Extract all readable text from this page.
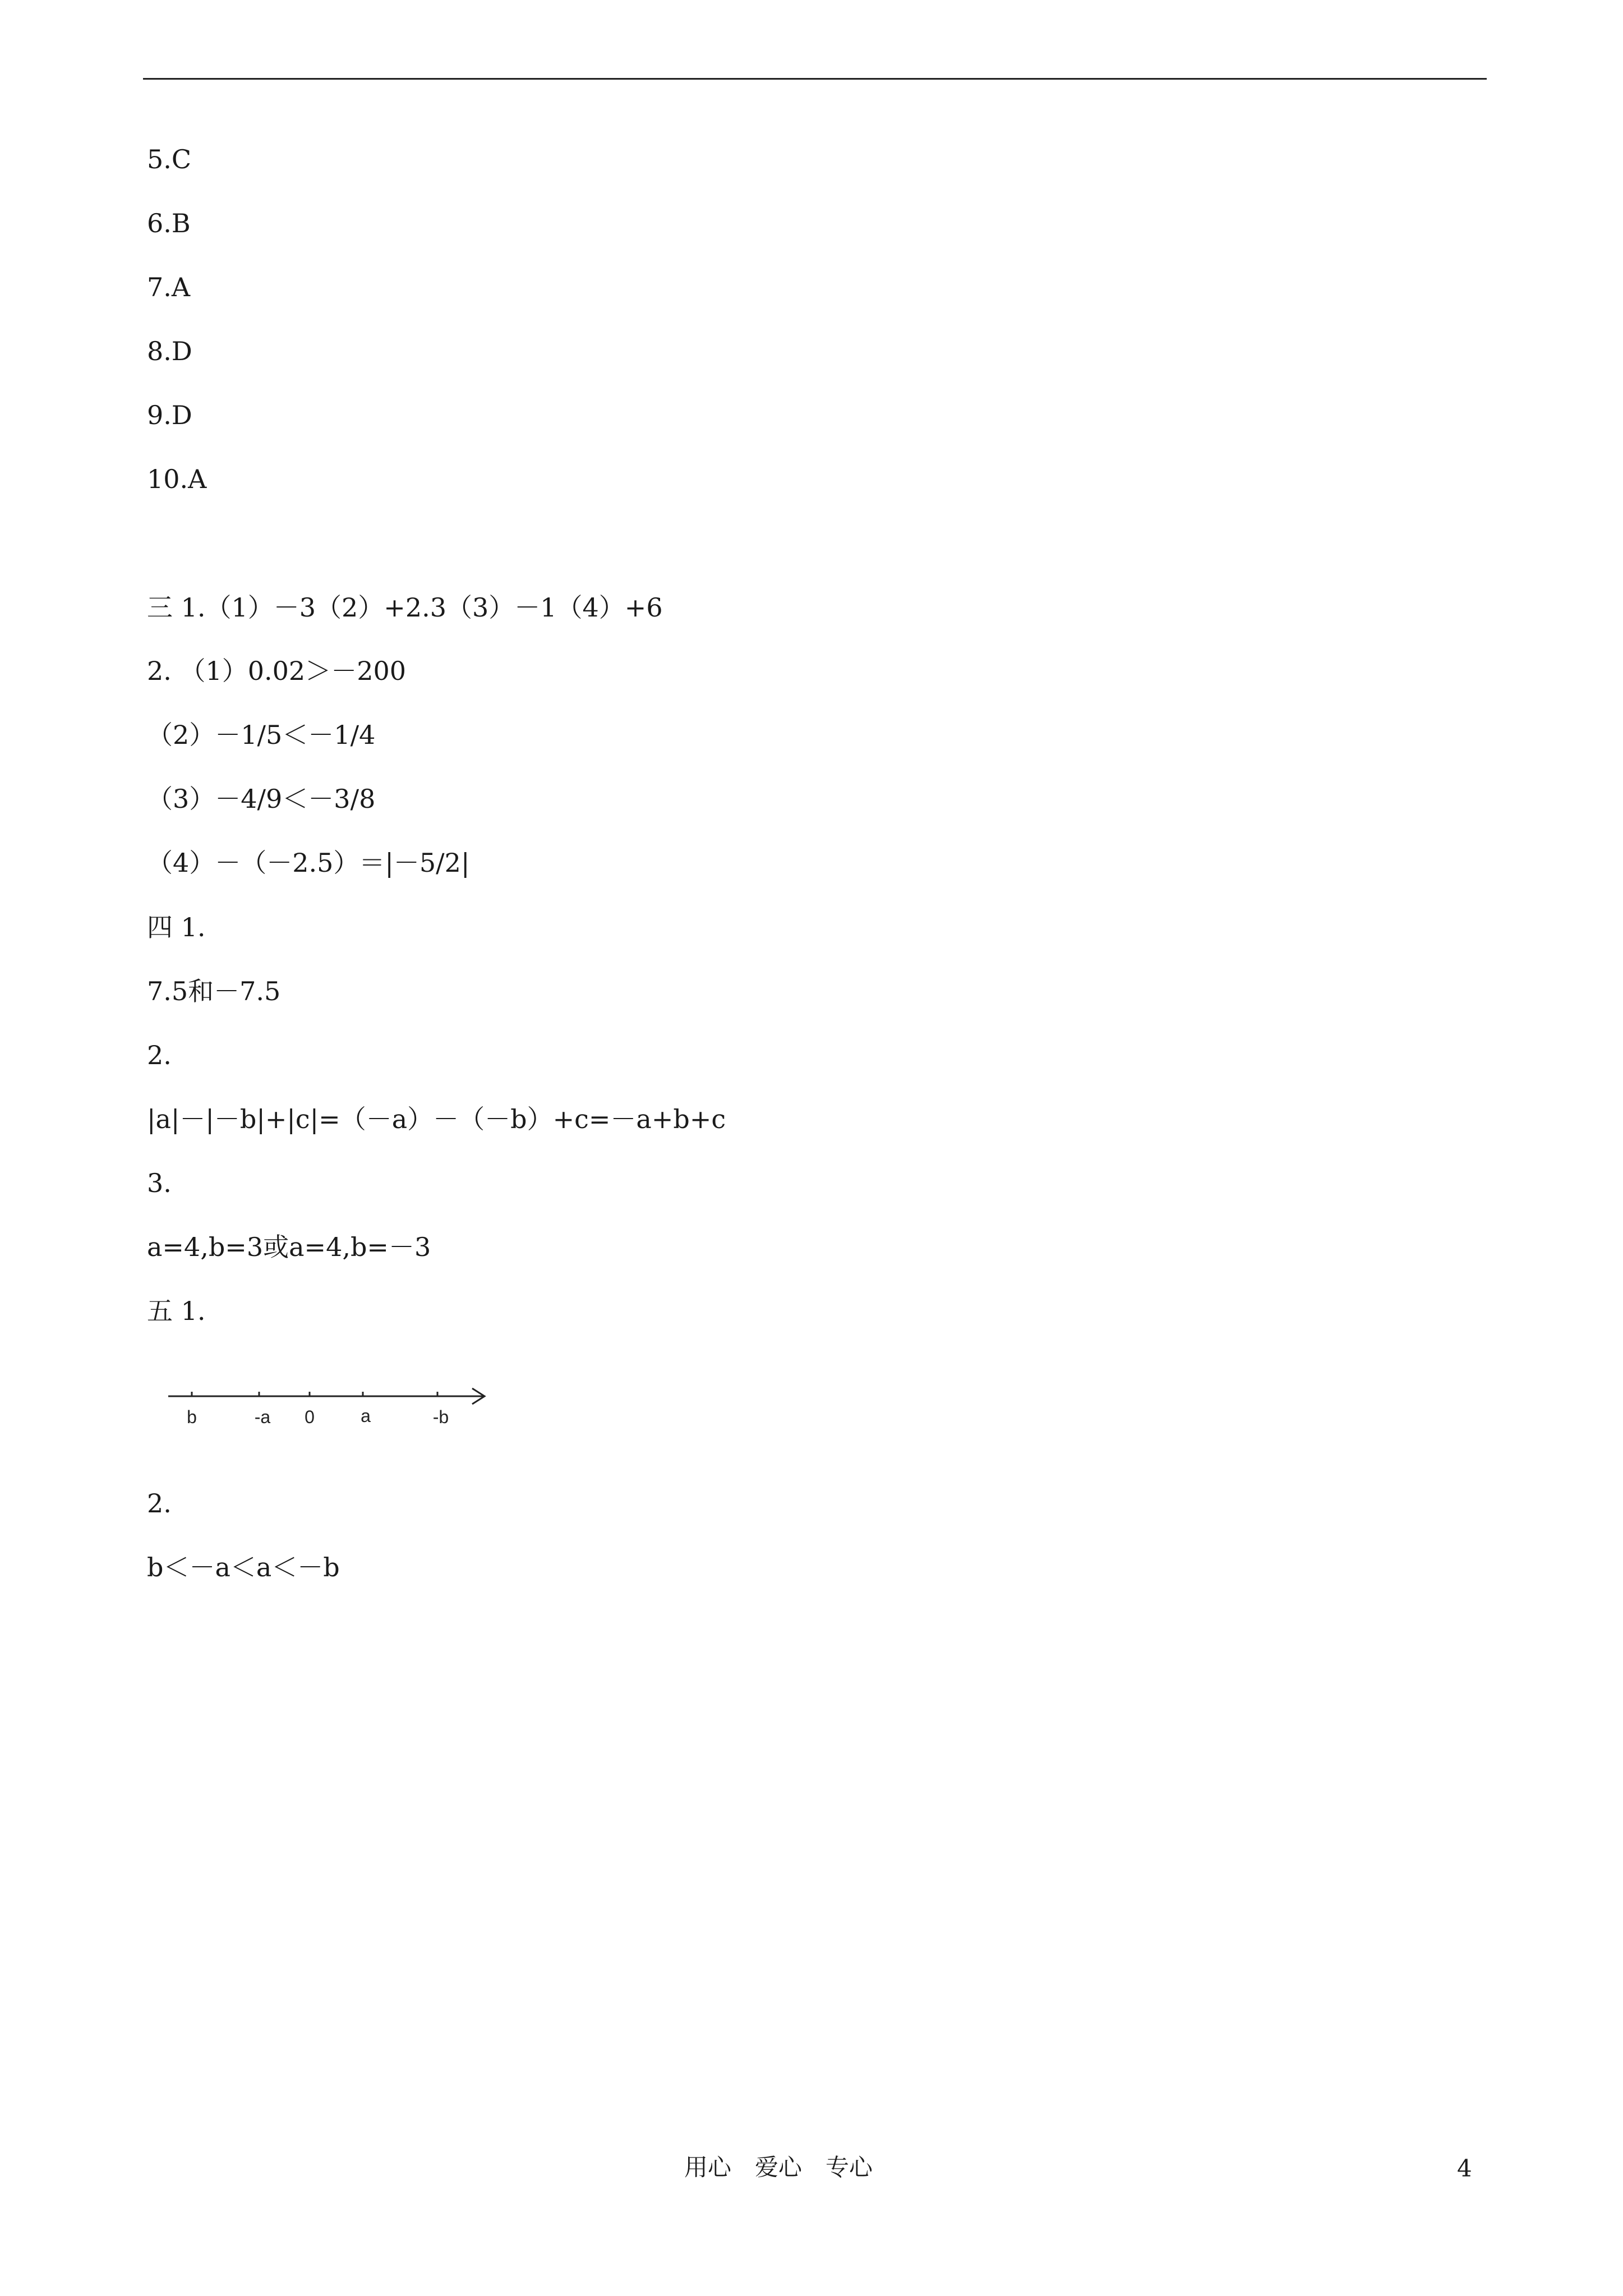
5.C
6.B
7.A
8.D
9.D
10.A
三 1.（1）－3（2）+2.3（3）－1（4）+6
2. （1）0.02＞－200
（2）－1/5＜－1/4
（3）－4/9＜－3/8
（4）－（－2.5）＝|－5/2|
四 1.
7.5和－7.5
2.
|a|－|－b|+|c|=（－a）－（－b）+c=－a+b+c
3.
a=4,b=3或a=4,b=－3
五 1.
2.
b＜－a＜a＜－b
b	-a 0	a	-b
用心　爱心　专心	4
